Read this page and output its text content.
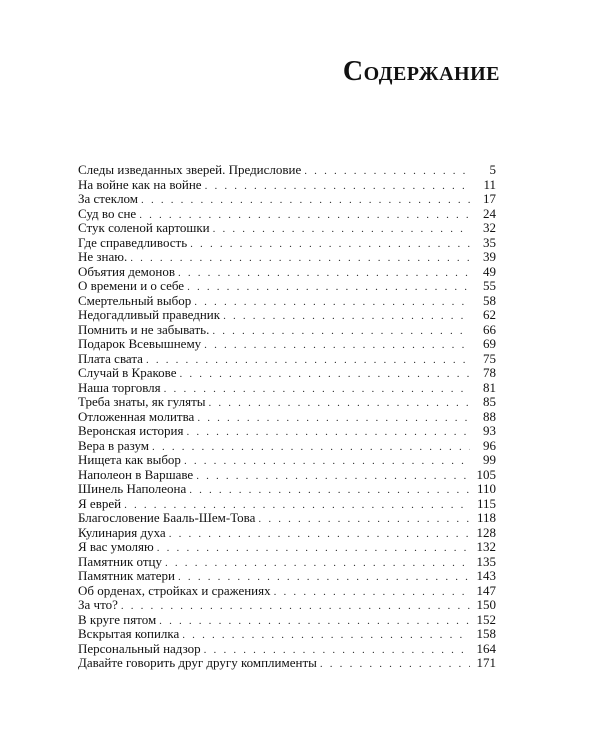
Содержание
Следы изведанных зверей. Предисловие . . .	5
На войне как на войне . . .	11
За стеклом . . .	17
Суд во сне . . .	24
Стук соленой картошки . . .	32
Где справедливость . . .	35
Не знаю. . . .	39
Объятия демонов . . .	49
О времени и о себе . . .	55
Смертельный выбор . . .	58
Недогадливый праведник . . .	62
Помнить и не забывать. . . .	66
Подарок Всевышнему . . .	69
Плата свата . . .	75
Случай в Кракове . . .	78
Наша торговля . . .	81
Треба знаты, як гуляты . . .	85
Отложенная молитва . . .	88
Веронская история . . .	93
Вера в разум . . .	96
Нищета как выбор . . .	99
Наполеон в Варшаве . . .	105
Шинель Наполеона . . .	110
Я еврей . . .	115
Благословение Бааль-Шем-Това . . .	118
Кулинария духа . . .	128
Я вас умоляю . . .	132
Памятник отцу . . .	135
Памятник матери . . .	143
Об орденах, стройках и сражениях . . .	147
За что? . . .	150
В круге пятом . . .	152
Вскрытая копилка . . .	158
Персональный надзор . . .	164
Давайте говорить друг другу комплименты . . .	171
